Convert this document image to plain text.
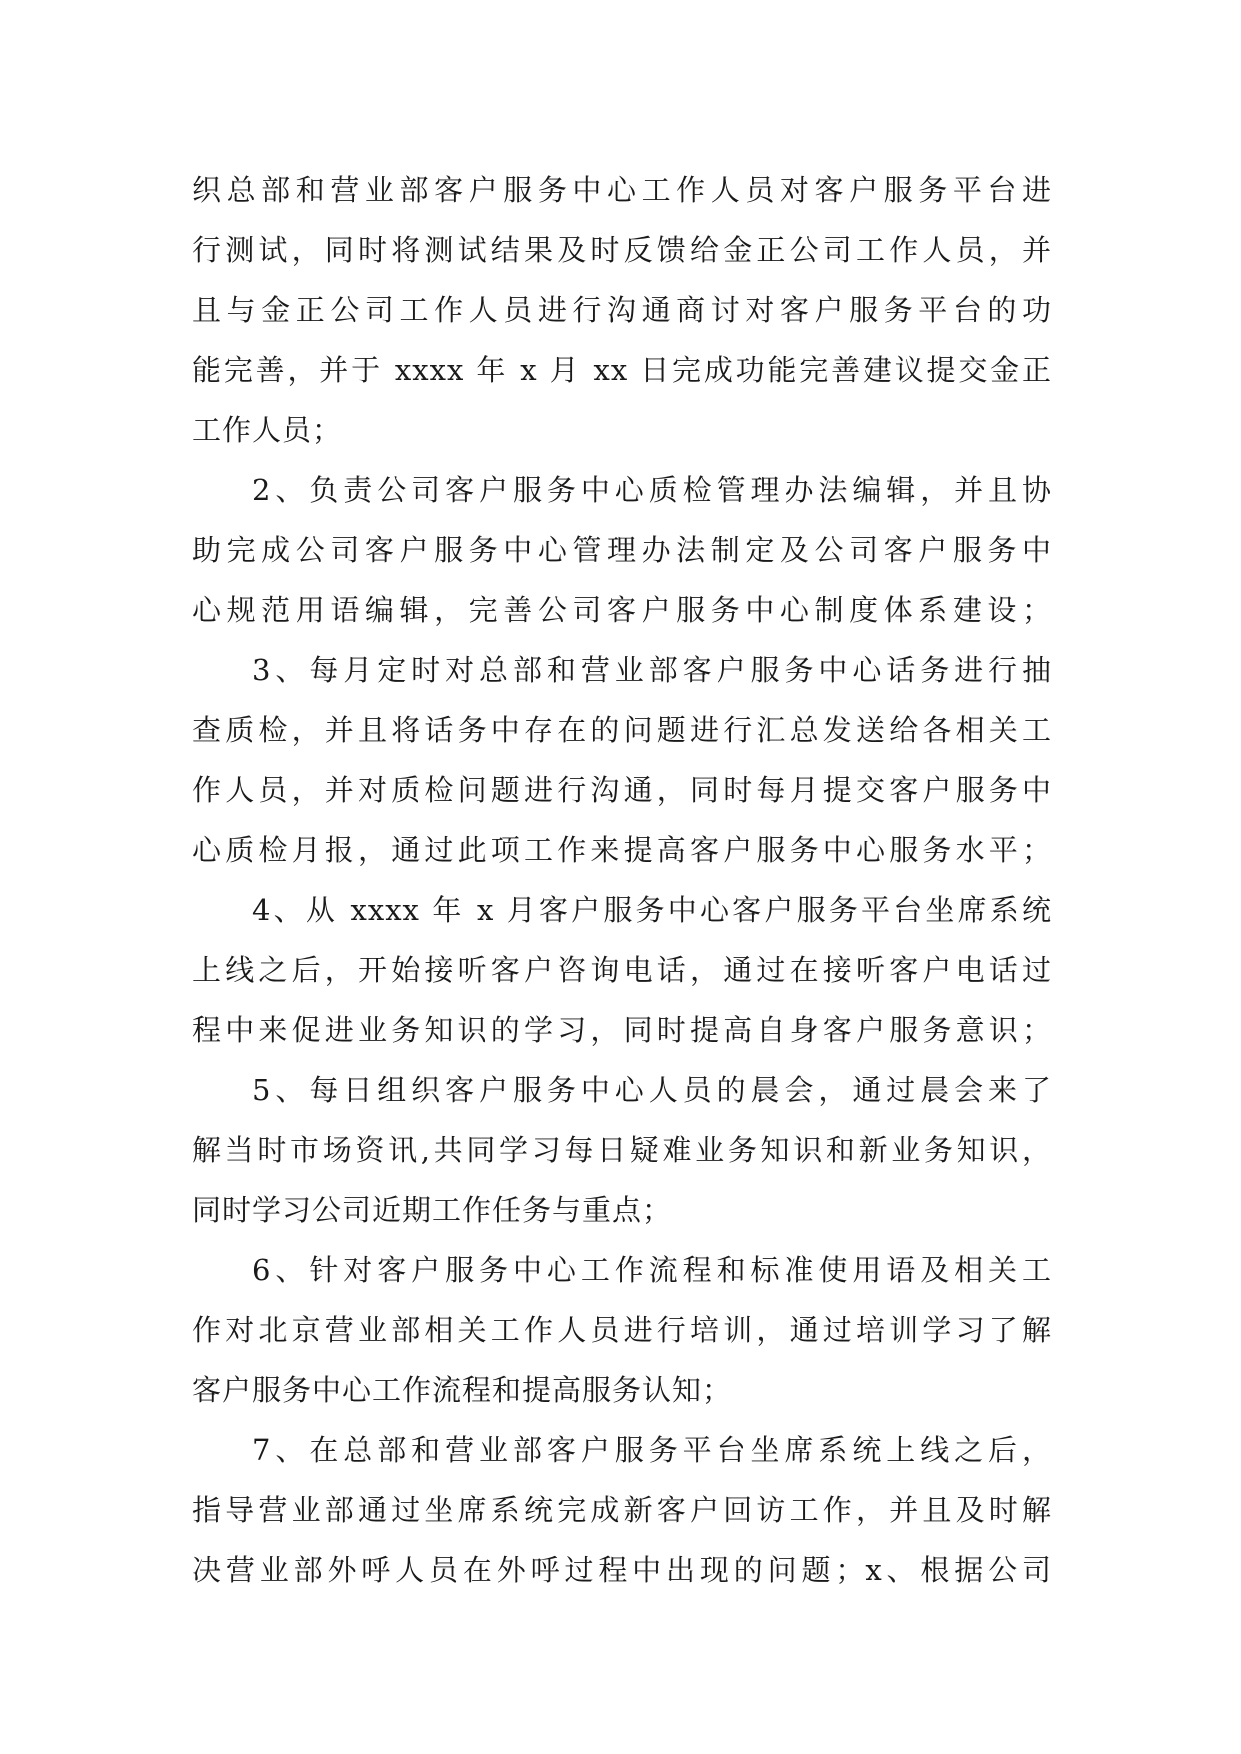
织总部和营业部客户服务中心工作人员对客户服务平台进
行测试，同时将测试结果及时反馈给金正公司工作人员，并
且与金正公司工作人员进行沟通商讨对客户服务平台的功
能完善，并于 xxxx 年 x 月 xx 日完成功能完善建议提交金正
工作人员；
2、负责公司客户服务中心质检管理办法编辑，并且协
助完成公司客户服务中心管理办法制定及公司客户服务中
心规范用语编辑，完善公司客户服务中心制度体系建设；
3、每月定时对总部和营业部客户服务中心话务进行抽
查质检，并且将话务中存在的问题进行汇总发送给各相关工
作人员，并对质检问题进行沟通，同时每月提交客户服务中
心质检月报，通过此项工作来提高客户服务中心服务水平；
4、从 xxxx 年 x 月客户服务中心客户服务平台坐席系统
上线之后，开始接听客户咨询电话，通过在接听客户电话过
程中来促进业务知识的学习，同时提高自身客户服务意识；
5、每日组织客户服务中心人员的晨会，通过晨会来了
解当时市场资讯,共同学习每日疑难业务知识和新业务知识，
同时学习公司近期工作任务与重点；
6、针对客户服务中心工作流程和标准使用语及相关工
作对北京营业部相关工作人员进行培训，通过培训学习了解
客户服务中心工作流程和提高服务认知；
7、在总部和营业部客户服务平台坐席系统上线之后，
指导营业部通过坐席系统完成新客户回访工作，并且及时解
决营业部外呼人员在外呼过程中出现的问题；x、根据公司
